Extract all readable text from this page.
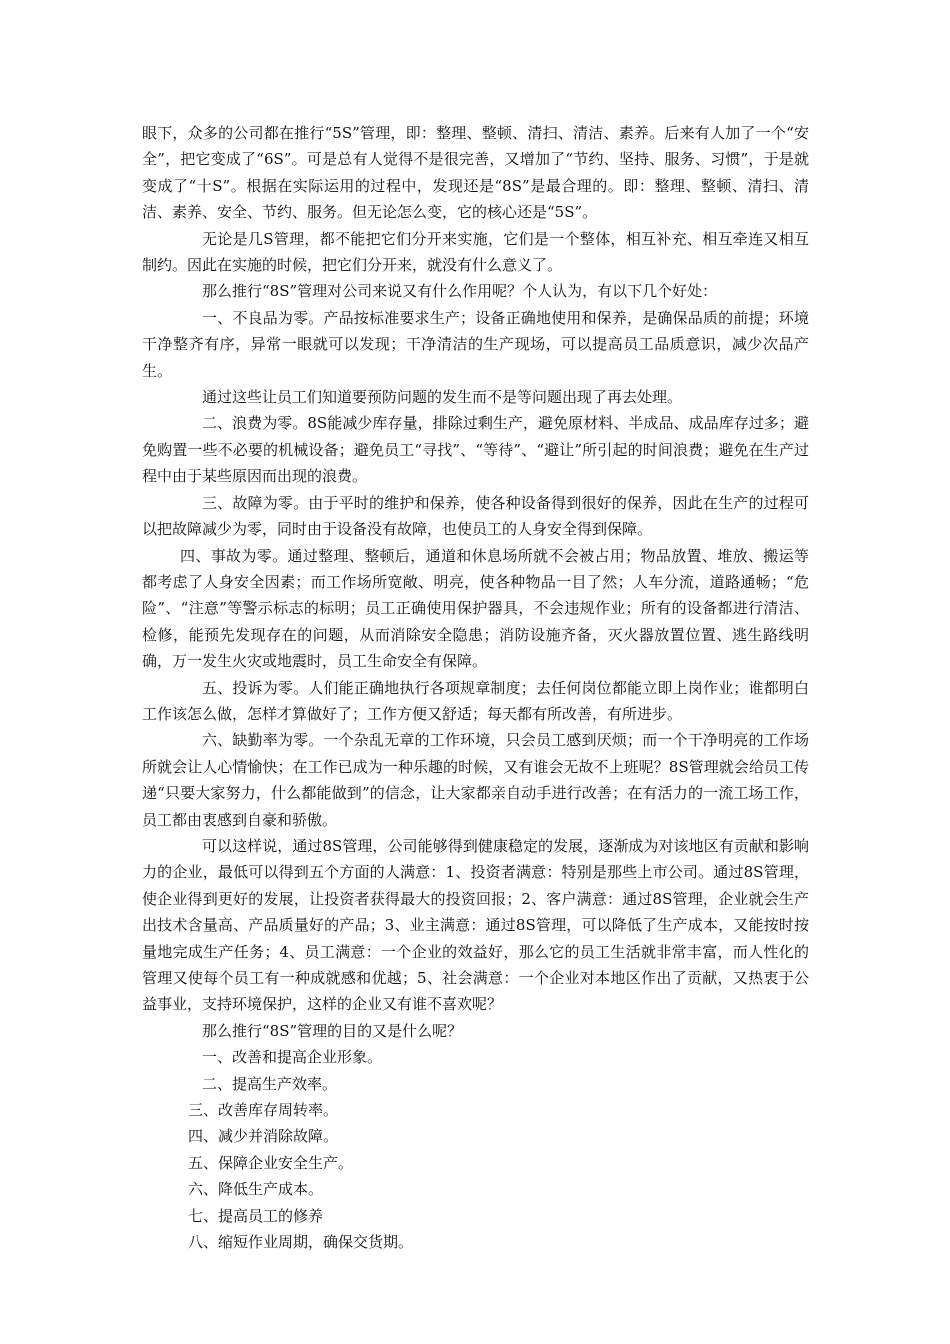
眼下，众多的公司都在推行“5S”管理，即：整理、整顿、清扫、清洁、素养。后来有人加了一个“安全”，把它变成了“6S”。可是总有人觉得不是很完善，又增加了“节约、坚持、服务、习惯”，于是就变成了“十S”。根据在实际运用的过程中，发现还是“8S”是最合理的。即：整理、整顿、清扫、清洁、素养、安全、节约、服务。但无论怎么变，它的核心还是“5S”。

无论是几S管理，都不能把它们分开来实施，它们是一个整体，相互补充、相互牵连又相互制约。因此在实施的时候，把它们分开来，就没有什么意义了。

那么推行“8S”管理对公司来说又有什么作用呢？个人认为，有以下几个好处：

一、不良品为零。产品按标准要求生产；设备正确地使用和保养，是确保品质的前提；环境干净整齐有序，异常一眼就可以发现；干净清洁的生产现场，可以提高员工品质意识，减少次品产生。

通过这些让员工们知道要预防问题的发生而不是等问题出现了再去处理。

二、浪费为零。8S能减少库存量，排除过剩生产，避免原材料、半成品、成品库存过多；避免购置一些不必要的机械设备；避免员工“寻找”、“等待”、“避让”所引起的时间浪费；避免在生产过程中由于某些原因而出现的浪费。

三、故障为零。由于平时的维护和保养，使各种设备得到很好的保养，因此在生产的过程可以把故障减少为零，同时由于设备没有故障，也使员工的人身安全得到保障。

四、事故为零。通过整理、整顿后，通道和休息场所就不会被占用；物品放置、堆放、搬运等都考虑了人身安全因素；而工作场所宽敞、明亮，使各种物品一目了然；人车分流，道路通畅；“危险”、“注意”等警示标志的标明；员工正确使用保护器具，不会违规作业；所有的设备都进行清洁、检修，能预先发现存在的问题，从而消除安全隐患；消防设施齐备，灭火器放置位置、逃生路线明确，万一发生火灾或地震时，员工生命安全有保障。

五、投诉为零。人们能正确地执行各项规章制度；去任何岗位都能立即上岗作业；谁都明白工作该怎么做，怎样才算做好了；工作方便又舒适；每天都有所改善，有所进步。

六、缺勤率为零。一个杂乱无章的工作环境，只会员工感到厌烦；而一个干净明亮的工作场所就会让人心情愉快；在工作已成为一种乐趣的时候，又有谁会无故不上班呢？8S管理就会给员工传递“只要大家努力，什么都能做到”的信念，让大家都亲自动手进行改善；在有活力的一流工场工作，员工都由衷感到自豪和骄傲。

可以这样说，通过8S管理，公司能够得到健康稳定的发展，逐渐成为对该地区有贡献和影响力的企业，最低可以得到五个方面的人满意：1、投资者满意：特别是那些上市公司。通过8S管理，使企业得到更好的发展，让投资者获得最大的投资回报；2、客户满意：通过8S管理，企业就会生产出技术含量高、产品质量好的产品；3、业主满意：通过8S管理，可以降低了生产成本，又能按时按量地完成生产任务；4、员工满意：一个企业的效益好，那么它的员工生活就非常丰富，而人性化的管理又使每个员工有一种成就感和优越；5、社会满意：一个企业对本地区作出了贡献，又热衷于公益事业，支持环境保护，这样的企业又有谁不喜欢呢？

那么推行“8S”管理的目的又是什么呢？

一、改善和提高企业形象。
二、提高生产效率。
三、改善库存周转率。
四、减少并消除故障。
五、保障企业安全生产。
六、降低生产成本。
七、提高员工的修养
八、缩短作业周期，确保交货期。
